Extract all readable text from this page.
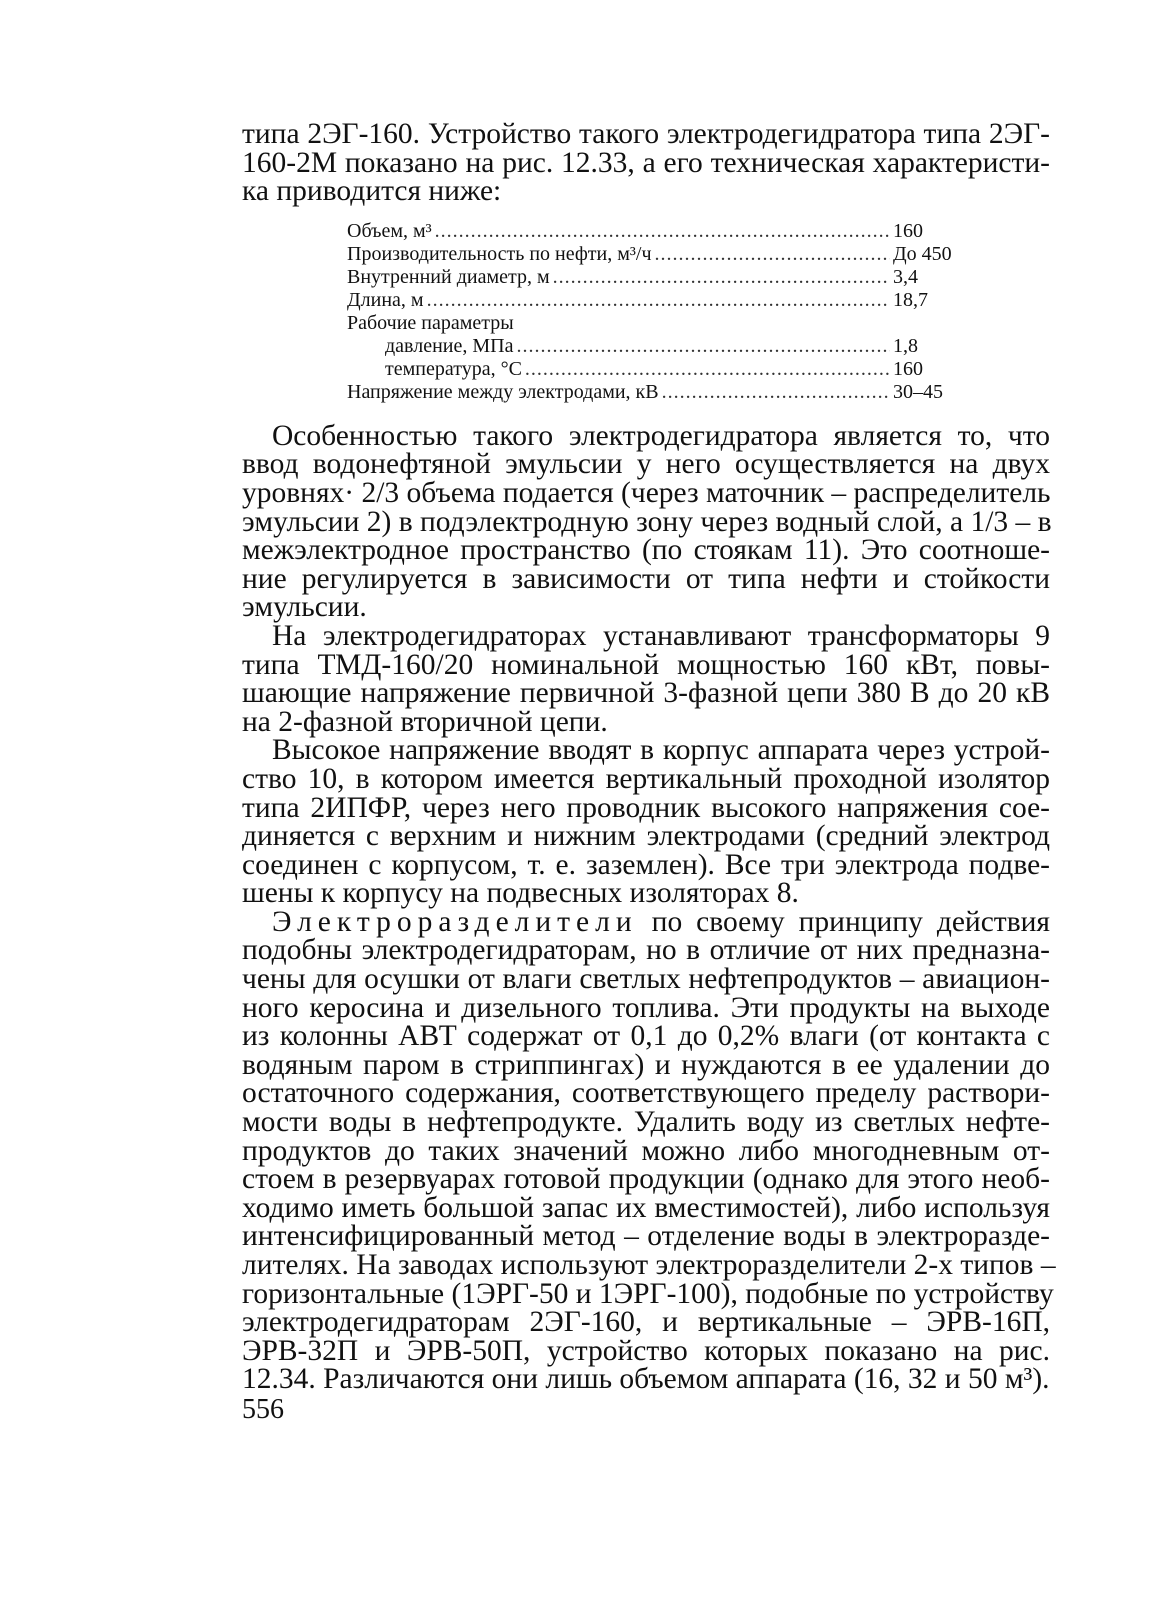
типа 2ЭГ-160. Устройство такого электродегидратора типа 2ЭГ-
160-2М показано на рис. 12.33, а его техническая характеристи-
ка приводится ниже:
Объем, м³ .....	160
Производительность по нефти, м³/ч .....	До 450
Внутренний диаметр, м .....	3,4
Длина, м .....	18,7
Рабочие параметры
давление, МПа .....	1,8
температура, °С .....	160
Напряжение между электродами, кВ .....	30–45
Особенностью такого электродегидратора является то, что
ввод водонефтяной эмульсии у него осуществляется на двух
уровнях· 2/3 объема подается (через маточник – распределитель
эмульсии 2) в подэлектродную зону через водный слой, а 1/3 – в
межэлектродное пространство (по стоякам 11). Это соотноше-
ние регулируется в зависимости от типа нефти и стойкости
эмульсии.
На электродегидраторах устанавливают трансформаторы 9
типа ТМД-160/20 номинальной мощностью 160 кВт, повы-
шающие напряжение первичной 3-фазной цепи 380 В до 20 кВ
на 2-фазной вторичной цепи.
Высокое напряжение вводят в корпус аппарата через устрой-
ство 10, в котором имеется вертикальный проходной изолятор
типа 2ИПФР, через него проводник высокого напряжения сое-
диняется с верхним и нижним электродами (средний электрод
соединен с корпусом, т. е. заземлен). Все три электрода подве-
шены к корпусу на подвесных изоляторах 8.
Электроразделители по своему принципу действия
подобны электродегидраторам, но в отличие от них предназна-
чены для осушки от влаги светлых нефтепродуктов – авиацион-
ного керосина и дизельного топлива. Эти продукты на выходе
из колонны АВТ содержат от 0,1 до 0,2% влаги (от контакта с
водяным паром в стриппингах) и нуждаются в ее удалении до
остаточного содержания, соответствующего пределу раствори-
мости воды в нефтепродукте. Удалить воду из светлых нефте-
продуктов до таких значений можно либо многодневным от-
стоем в резервуарах готовой продукции (однако для этого необ-
ходимо иметь большой запас их вместимостей), либо используя
интенсифицированный метод – отделение воды в электроразде-
лителях. На заводах используют электроразделители 2-х типов –
горизонтальные (1ЭРГ-50 и 1ЭРГ-100), подобные по устройству
электродегидраторам 2ЭГ-160, и вертикальные – ЭРВ-16П,
ЭРВ-32П и ЭРВ-50П, устройство которых показано на рис.
12.34. Различаются они лишь объемом аппарата (16, 32 и 50 м³).
556
